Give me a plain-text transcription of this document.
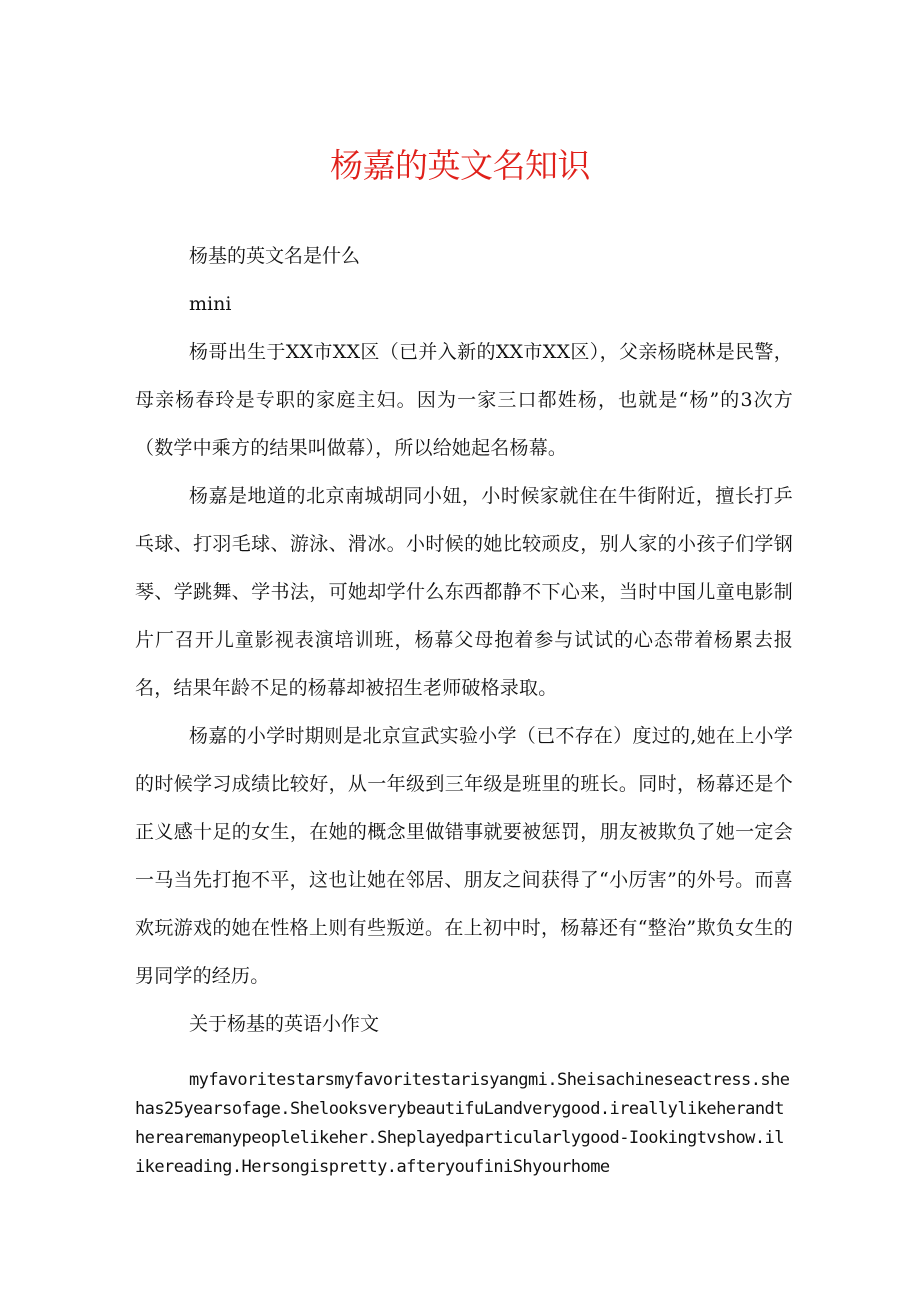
杨嘉的英文名知识

杨基的英文名是什么

mini

杨哥出生于XX市XX区（已并入新的XX市XX区），父亲杨晓林是民警，母亲杨春玲是专职的家庭主妇。因为一家三口都姓杨，也就是“杨”的3次方（数学中乘方的结果叫做幕），所以给她起名杨幕。

杨嘉是地道的北京南城胡同小妞，小时候家就住在牛街附近，擅长打乒乓球、打羽毛球、游泳、滑冰。小时候的她比较顽皮，别人家的小孩子们学钢琴、学跳舞、学书法，可她却学什么东西都静不下心来，当时中国儿童电影制片厂召开儿童影视表演培训班，杨幕父母抱着参与试试的心态带着杨累去报名，结果年龄不足的杨幕却被招生老师破格录取。

杨嘉的小学时期则是北京宣武实验小学（已不存在）度过的,她在上小学的时候学习成绩比较好，从一年级到三年级是班里的班长。同时，杨幕还是个正义感十足的女生，在她的概念里做错事就要被惩罚，朋友被欺负了她一定会一马当先打抱不平，这也让她在邻居、朋友之间获得了“小厉害”的外号。而喜欢玩游戏的她在性格上则有些叛逆。在上初中时，杨幕还有“整治”欺负女生的男同学的经历。

关于杨基的英语小作文

myfavoritestarsmyfavoritestarisyangmi.Sheisachineseactress.shehas25yearsofage.ShelooksverybeautifuLandverygood.ireallylikeherandtherearemanypeoplelikeher.Sheplayedparticularlygood-Iookingtvshow.ilikereading.Hersongispretty.afteryoufiniShyourhome
